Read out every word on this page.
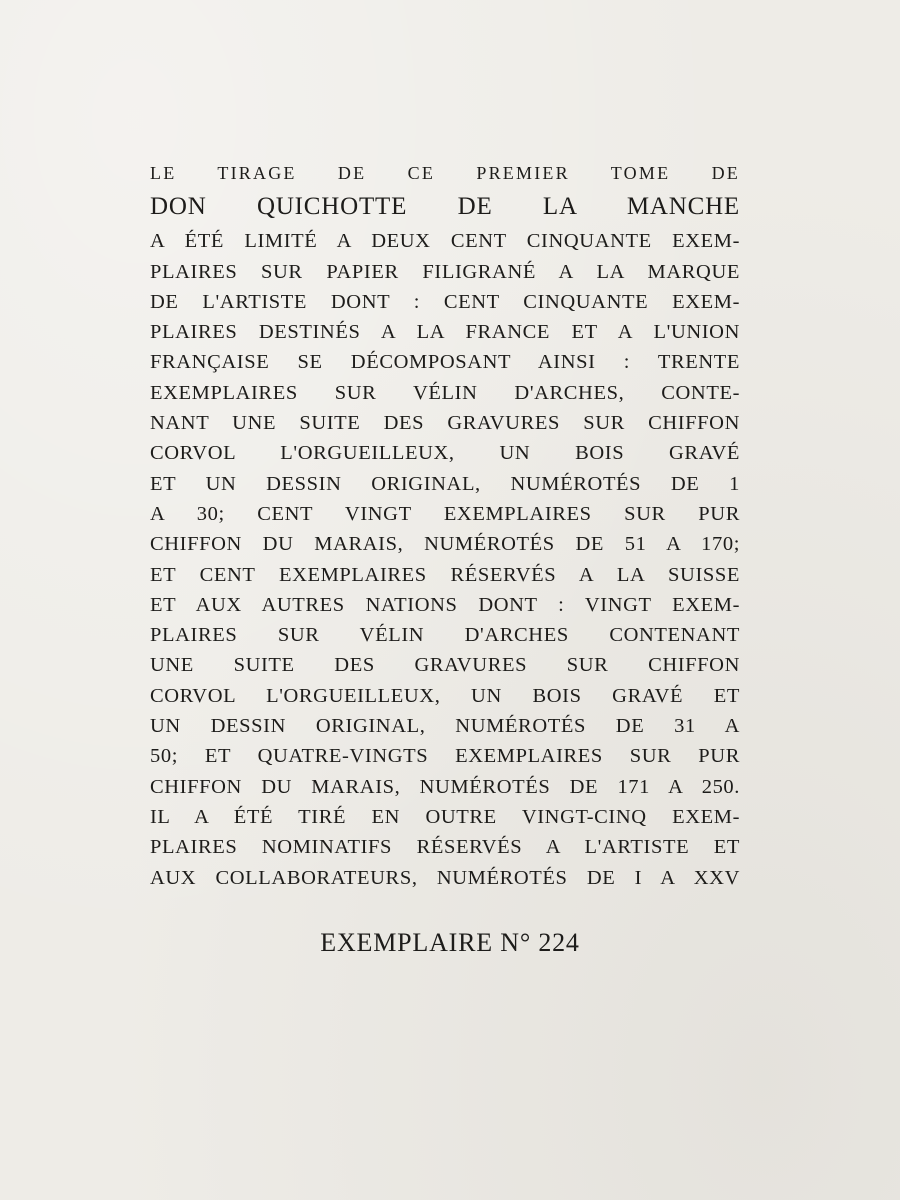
LE TIRAGE DE CE PREMIER TOME DE
DON QUICHOTTE DE LA MANCHE
A ÉTÉ LIMITÉ A DEUX CENT CINQUANTE EXEM-
PLAIRES SUR PAPIER FILIGRANÉ A LA MARQUE
DE L'ARTISTE DONT : CENT CINQUANTE EXEM-
PLAIRES DESTINÉS A LA FRANCE ET A L'UNION
FRANÇAISE SE DÉCOMPOSANT AINSI : TRENTE
EXEMPLAIRES SUR VÉLIN D'ARCHES, CONTE-
NANT UNE SUITE DES GRAVURES SUR CHIFFON
CORVOL L'ORGUEILLEUX, UN BOIS GRAVÉ
ET UN DESSIN ORIGINAL, NUMÉROTÉS DE 1
A 30; CENT VINGT EXEMPLAIRES SUR PUR
CHIFFON DU MARAIS, NUMÉROTÉS DE 51 A 170;
ET CENT EXEMPLAIRES RÉSERVÉS A LA SUISSE
ET AUX AUTRES NATIONS DONT : VINGT EXEM-
PLAIRES SUR VÉLIN D'ARCHES CONTENANT
UNE SUITE DES GRAVURES SUR CHIFFON
CORVOL L'ORGUEILLEUX, UN BOIS GRAVÉ ET
UN DESSIN ORIGINAL, NUMÉROTÉS DE 31 A
50; ET QUATRE-VINGTS EXEMPLAIRES SUR PUR
CHIFFON DU MARAIS, NUMÉROTÉS DE 171 A 250.
IL A ÉTÉ TIRÉ EN OUTRE VINGT-CINQ EXEM-
PLAIRES NOMINATIFS RÉSERVÉS A L'ARTISTE ET
AUX COLLABORATEURS, NUMÉROTÉS DE I A XXV
EXEMPLAIRE N° 224
